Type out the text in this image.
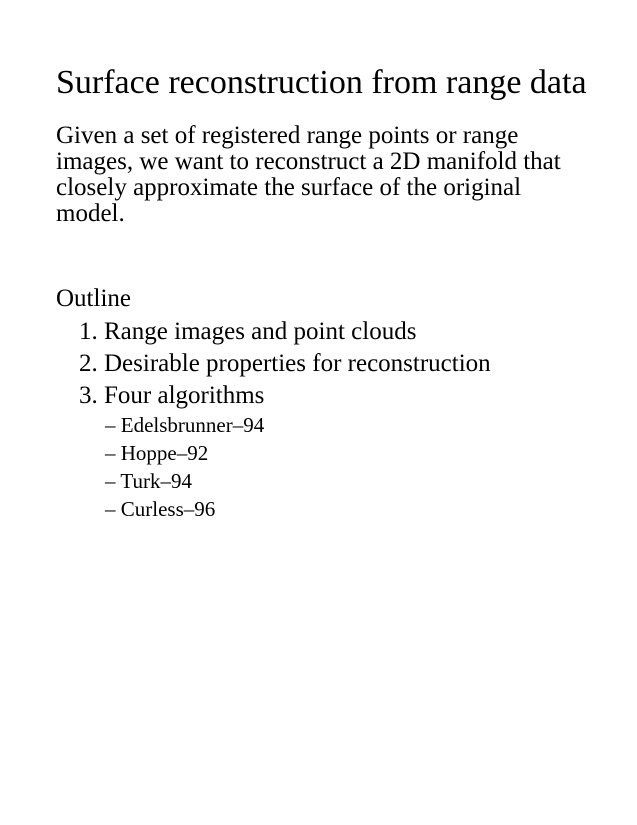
Surface reconstruction from range data
Given a set of registered range points or range
images, we want to reconstruct a 2D manifold that
closely approximate the surface of the original
model.
Outline
1. Range images and point clouds
2. Desirable properties for reconstruction
3. Four algorithms
– Edelsbrunner–94
– Hoppe–92
– Turk–94
– Curless–96
